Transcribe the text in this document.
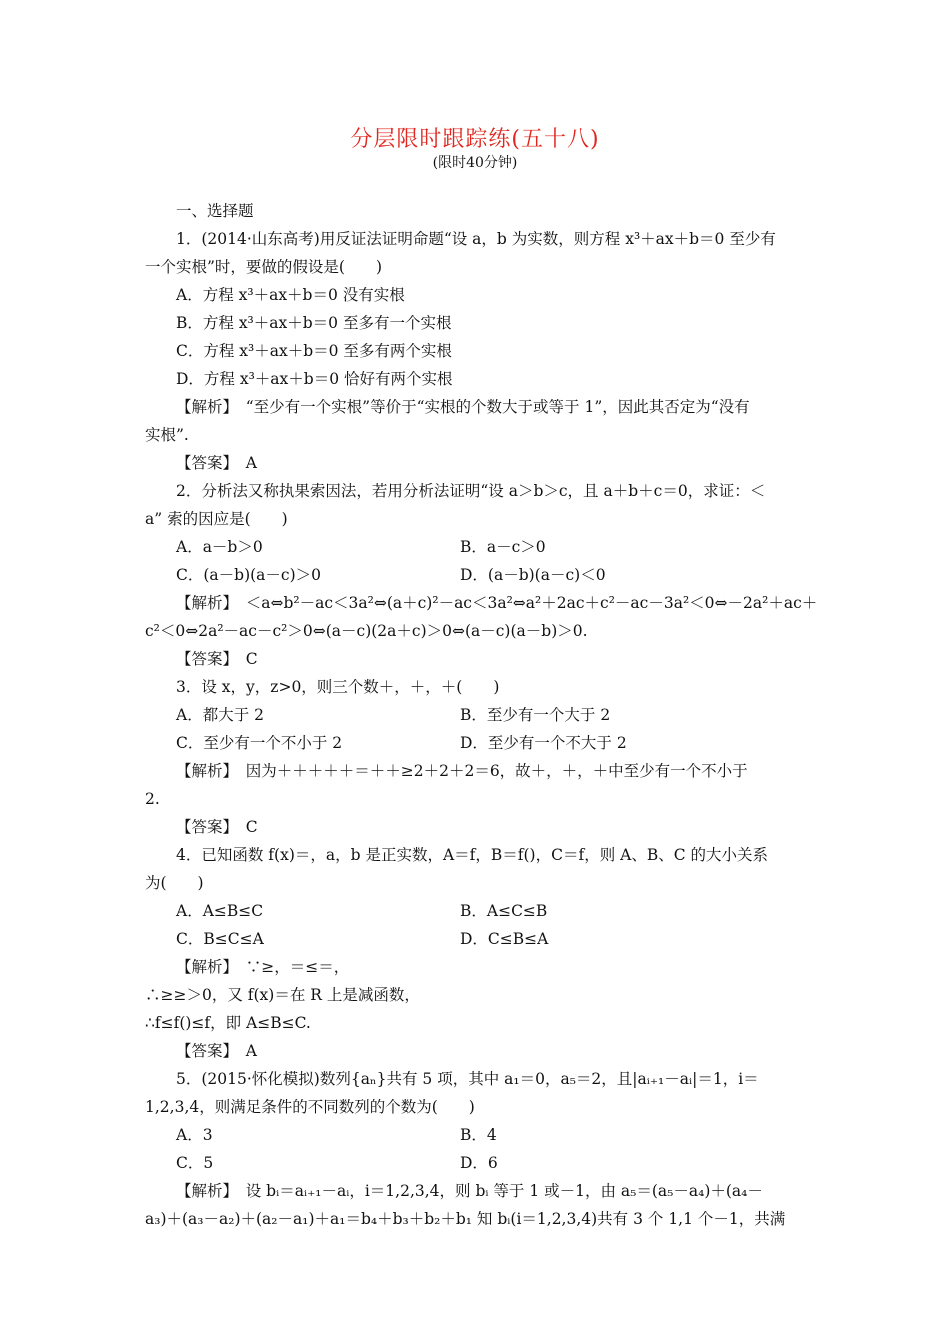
分层限时跟踪练(五十八)
(限时40分钟)
一、选择题
1．(2014·山东高考)用反证法证明命题“设 a，b 为实数，则方程 x³＋ax＋b＝0 至少有
一个实根”时，要做的假设是(　　)
A．方程 x³＋ax＋b＝0 没有实根
B．方程 x³＋ax＋b＝0 至多有一个实根
C．方程 x³＋ax＋b＝0 至多有两个实根
D．方程 x³＋ax＋b＝0 恰好有两个实根
【解析】　“至少有一个实根”等价于“实根的个数大于或等于 1”，因此其否定为“没有
实根”.
【答案】　A
2．分析法又称执果索因法，若用分析法证明“设 a＞b＞c，且 a＋b＋c＝0，求证：＜
a” 索的因应是(　　)
A．a－b＞0	B．a－c＞0
C．(a－b)(a－c)＞0	D．(a－b)(a－c)＜0
【解析】　＜a⇔b²－ac＜3a²⇔(a＋c)²－ac＜3a²⇔a²＋2ac＋c²－ac－3a²＜0⇔－2a²＋ac＋
c²＜0⇔2a²－ac－c²＞0⇔(a－c)(2a＋c)＞0⇔(a－c)(a－b)＞0.
【答案】　C
3．设 x，y，z>0，则三个数＋，＋，＋(　　)
A．都大于 2	B．至少有一个大于 2
C．至少有一个不小于 2	D．至少有一个不大于 2
【解析】　因为＋＋＋＋＋＝＋＋≥2＋2＋2＝6，故＋，＋，＋中至少有一个不小于
2.
【答案】　C
4．已知函数 f(x)＝，a，b 是正实数，A＝f，B＝f()，C＝f，则 A、B、C 的大小关系
为(　　)
A．A≤B≤C	B．A≤C≤B
C．B≤C≤A	D．C≤B≤A
【解析】　∵≥，＝≤＝，
∴≥≥＞0，又 f(x)＝在 R 上是减函数，
∴f≤f()≤f，即 A≤B≤C.
【答案】　A
5．(2015·怀化模拟)数列{aₙ}共有 5 项，其中 a₁＝0，a₅＝2，且|aᵢ₊₁－aᵢ|＝1，i＝
1,2,3,4，则满足条件的不同数列的个数为(　　)
A．3	B．4
C．5	D．6
【解析】　设 bᵢ＝aᵢ₊₁－aᵢ，i＝1,2,3,4，则 bᵢ 等于 1 或－1，由 a₅＝(a₅－a₄)＋(a₄－
a₃)＋(a₃－a₂)＋(a₂－a₁)＋a₁＝b₄＋b₃＋b₂＋b₁ 知 bᵢ(i＝1,2,3,4)共有 3 个 1,1 个－1，共满
